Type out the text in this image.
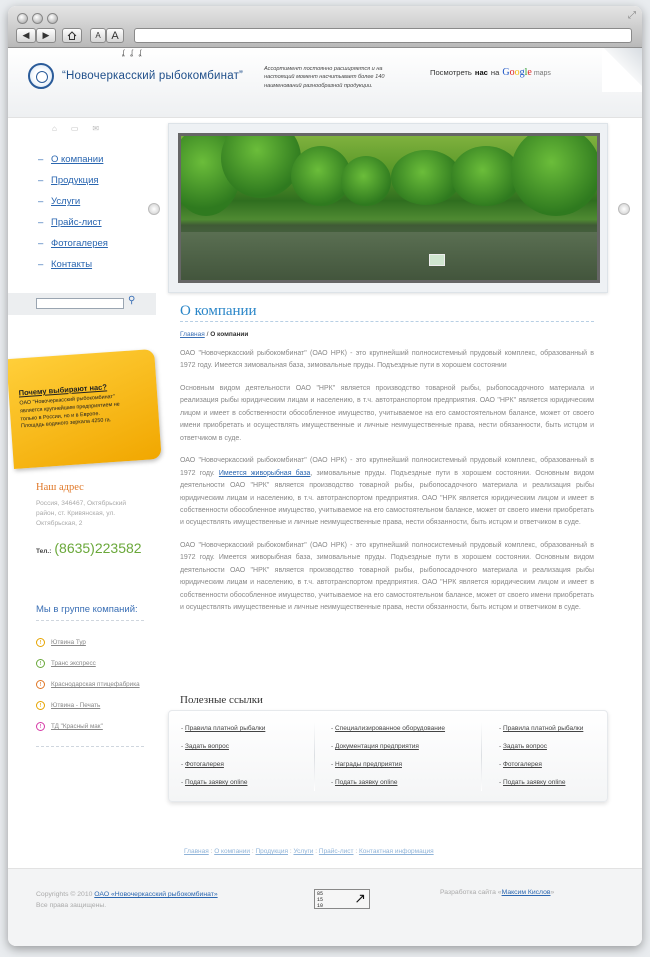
⤢
◀ ▶	A A
ʆ ʆ ʆ
“Новочеркасский рыбокомбинат”
Ассортимент постоянно расширяется и на настоящий момент насчитывает более 140 наименований разнообразной продукции.
Посмотреть нас на Google maps
⌂ ▭ ✉
– О компании
– Продукция
– Услуги
– Прайс-лист
– Фотогалерея
– Контакты
⚲
Почему выбирают нас?
ОАО "Новочеркасский рыбокомбинат" является крупнейшим предприятием не только в России, но и в Европе. Площадь водяного зеркала 4250 га.
Наш адрес
Россия, 346467, Октябрьский район, ст. Кривянская, ул. Октябрьская, 2
Тел.: (8635)223582
Мы в группе компаний:
!	Ютвина Тур
!	Транс экспресс
!	Краснодарская птицефабрика
!	Ютвина - Печать
!	ТД "Красный мак"
О компании
Главная / О компании

ОАО "Новочеркасский рыбокомбинат" (ОАО НРК) - это крупнейший полносистемный прудовый комплекс, образованный в 1972 году. Имеется зимовальная база, зимовальные пруды. Подъездные пути в хорошем состоянии

Основным видом деятельности ОАО "НРК" является производство товарной рыбы, рыбопосадочного материала и реализация рыбы юридическим лицам и населению, в т.ч. автотранспортом предприятия. ОАО "НРК" является юридическим лицом и имеет в собственности обособленное имущество, учитываемое на его самостоятельном балансе, может от своего имени приобретать и осуществлять имущественные и личные неимущественные права, нести обязанности, быть истцом и ответчиком в суде.

ОАО "Новочеркасский рыбокомбинат" (ОАО НРК) - это крупнейший полносистемный прудовый комплекс, образованный в 1972 году. Имеется живорыбная база, зимовальные пруды. Подъездные пути в хорошем состоянии. Основным видом деятельности ОАО "НРК" является производство товарной рыбы, рыбопосадочного материала и реализация рыбы юридическим лицам и населению, в т.ч. автотранспортом предприятия. ОАО "НРК является юридическим лицом и имеет в собственности обособленное имущество, учитываемое на его самостоятельном балансе, может от своего имени приобретать и осуществлять имущественные и личные неимущественные права, нести обязанности, быть истцом и ответчиком в суде.

ОАО "Новочеркасский рыбокомбинат" (ОАО НРК) - это крупнейший полносистемный прудовый комплекс, образованный в 1972 году. Имеется живорыбная база, зимовальные пруды. Подъездные пути в хорошем состоянии. Основным видом деятельности ОАО "НРК" является производство товарной рыбы, рыбопосадочного материала и реализация рыбы юридическим лицам и населению, в т.ч. автотранспортом предприятия. ОАО "НРК является юридическим лицом и имеет в собственности обособленное имущество, учитываемое на его самостоятельном балансе, может от своего имени приобретать и осуществлять имущественные и личные неимущественные права, нести обязанности, быть истцом и ответчиком в суде.

Полезные ссылки
- Правила платной рыбалки
- Задать вопрос
- Фотогалерея
- Подать заявку online
- Специализированное оборудование
- Документация предприятия
- Награды предприятия
- Подать заявку online
- Правила платной рыбалки
- Задать вопрос
- Фотогалерея
- Подать заявку online
Главная : О компании : Продукция : Услуги : Прайс-лист : Контактная информация
Copyrights © 2010 ОАО «Новочеркасский рыбокомбинат»
Все права защищены.
85
15
10 ↗	Разработка сайта «Максим Кислов»
